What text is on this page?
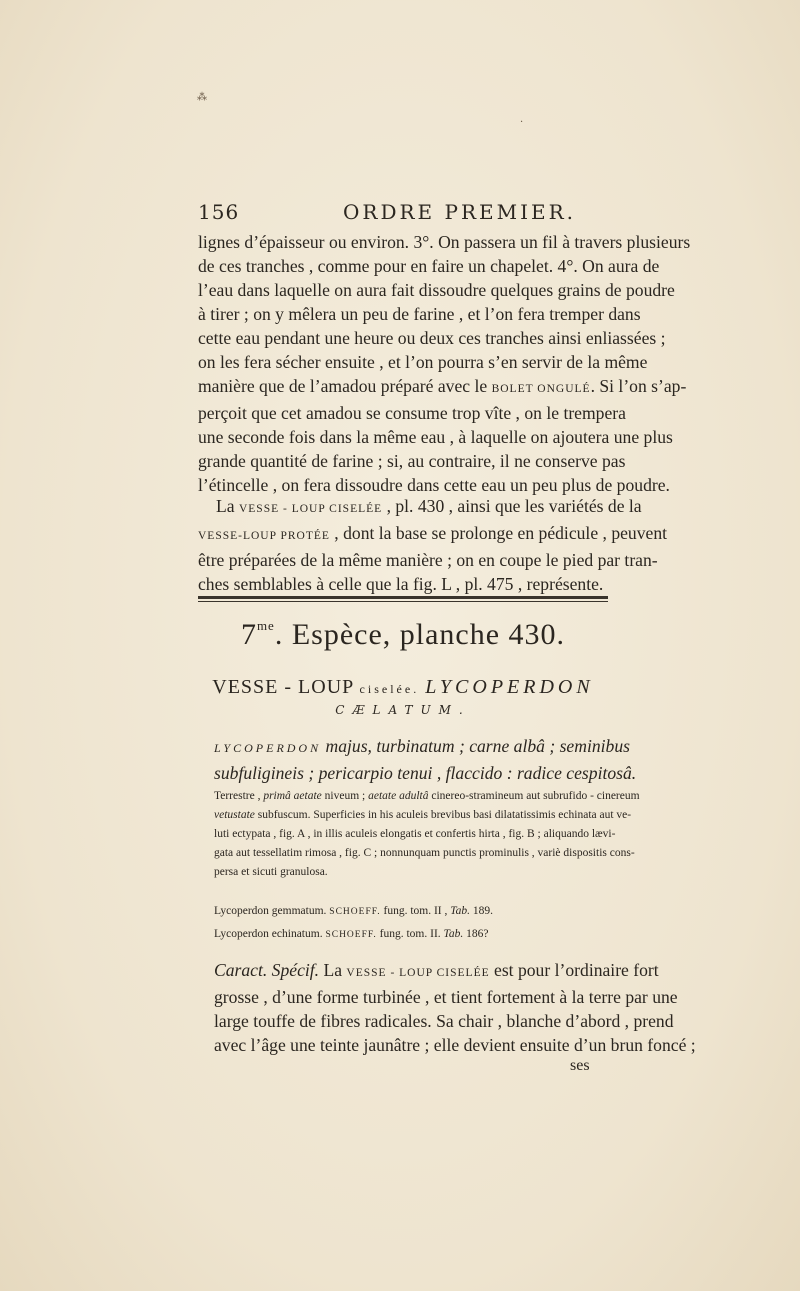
⁂
·
156	ORDRE PREMIER.
lignes d’épaisseur ou environ. 3°. On passera un fil à travers plusieurs
de ces tranches , comme pour en faire un chapelet. 4°. On aura de
l’eau dans laquelle on aura fait dissoudre quelques grains de poudre
à tirer ; on y mêlera un peu de farine , et l’on fera tremper dans
cette eau pendant une heure ou deux ces tranches ainsi enliassées ;
on les fera sécher ensuite , et l’on pourra s’en servir de la même
manière que de l’amadou préparé avec le BOLET ONGULÉ. Si l’on s’ap-
perçoit que cet amadou se consume trop vîte , on le trempera
une seconde fois dans la même eau , à laquelle on ajoutera une plus
grande quantité de farine ; si, au contraire, il ne conserve pas
l’étincelle , on fera dissoudre dans cette eau un peu plus de poudre.
La VESSE - LOUP CISELÉE , pl. 430 , ainsi que les variétés de la
VESSE-LOUP PROTÉE , dont la base se prolonge en pédicule , peuvent
être préparées de la même manière ; on en coupe le pied par tran-
ches semblables à celle que la fig. L , pl. 475 , représente.
$7^{me}$. Espèce, planche 430.
VESSE - LOUP ciselée. LYCOPERDON
CÆLATUM.
LYCOPERDON majus, turbinatum ; carne albâ ; seminibus
subfuligineis ; pericarpio tenui , flaccido : radice cespitosâ.
Terrestre , primâ aetate niveum ; aetate adultâ cinereo-stramineum aut subrufido - cinereum
vetustate subfuscum. Superficies in his aculeis brevibus basi dilatatissimis echinata aut ve-
luti ectypata , fig. A , in illis aculeis elongatis et confertis hirta , fig. B ; aliquando lævi-
gata aut tessellatim rimosa , fig. C ; nonnunquam punctis prominulis , variè dispositis cons-
persa et sicuti granulosa.
Lycoperdon gemmatum. SCHOEFF. fung. tom. II , Tab. 189.
Lycoperdon echinatum. SCHOEFF. fung. tom. II. Tab. 186?
Caract. Spécif. La VESSE - LOUP CISELÉE est pour l’ordinaire fort
grosse , d’une forme turbinée , et tient fortement à la terre par une
large touffe de fibres radicales. Sa chair , blanche d’abord , prend
avec l’âge une teinte jaunâtre ; elle devient ensuite d’un brun foncé ;
ses
